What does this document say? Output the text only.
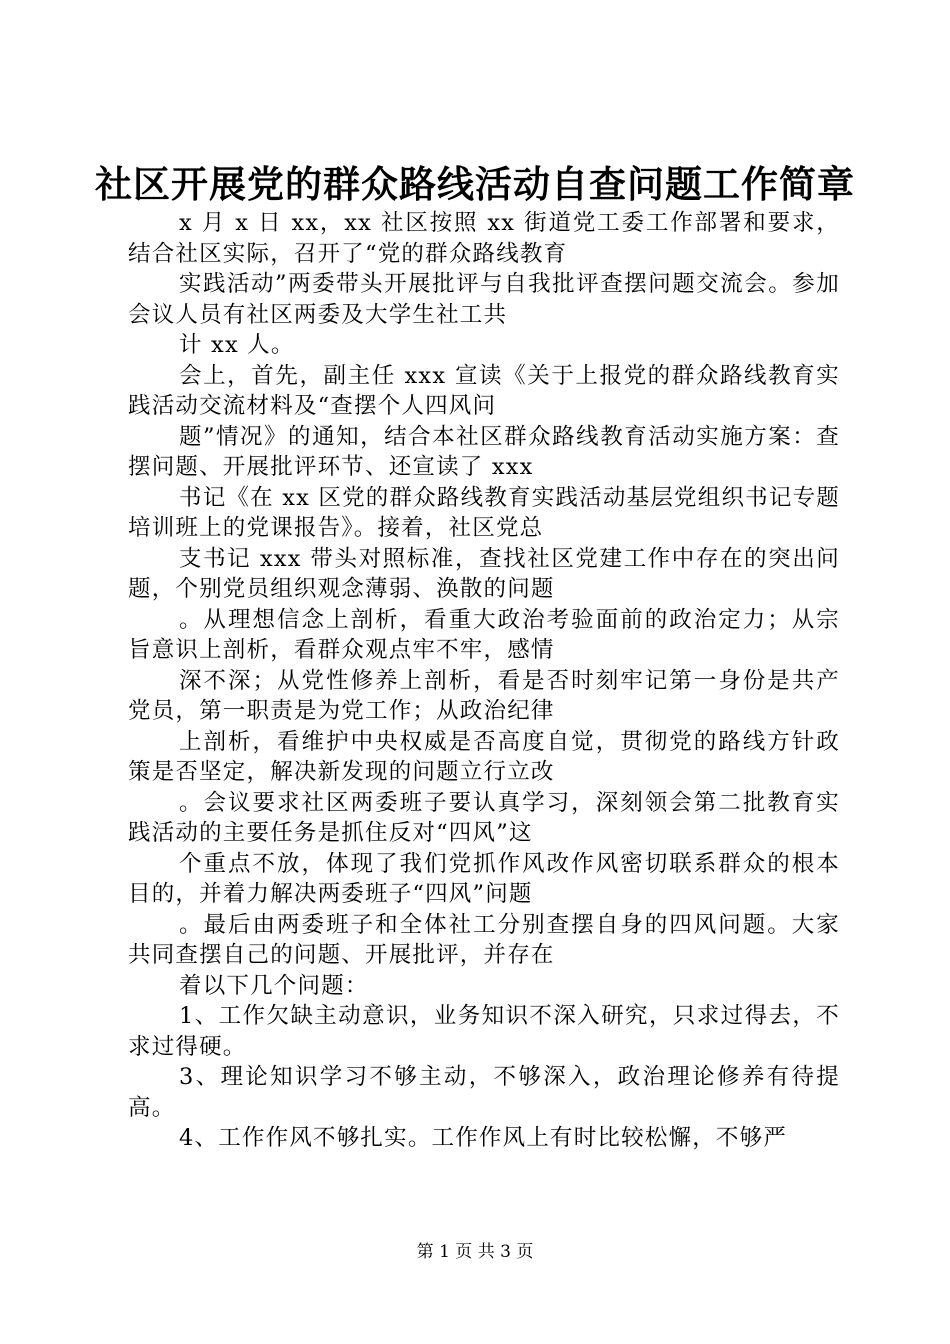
社区开展党的群众路线活动自查问题工作简章

x 月 x 日 xx，xx 社区按照 xx 街道党工委工作部署和要求，结合社区实际，召开了“党的群众路线教育

实践活动”两委带头开展批评与自我批评查摆问题交流会。参加会议人员有社区两委及大学生社工共

计 xx 人。

会上，首先，副主任 xxx 宣读《关于上报党的群众路线教育实践活动交流材料及“查摆个人四风问

题”情况》的通知，结合本社区群众路线教育活动实施方案：查摆问题、开展批评环节、还宣读了 xxx

书记《在 xx 区党的群众路线教育实践活动基层党组织书记专题培训班上的党课报告》。接着，社区党总

支书记 xxx 带头对照标准，查找社区党建工作中存在的突出问题，个别党员组织观念薄弱、涣散的问题

。从理想信念上剖析，看重大政治考验面前的政治定力；从宗旨意识上剖析，看群众观点牢不牢，感情

深不深；从党性修养上剖析，看是否时刻牢记第一身份是共产党员，第一职责是为党工作；从政治纪律

上剖析，看维护中央权威是否高度自觉，贯彻党的路线方针政策是否坚定，解决新发现的问题立行立改

。会议要求社区两委班子要认真学习，深刻领会第二批教育实践活动的主要任务是抓住反对“四风”这

个重点不放，体现了我们党抓作风改作风密切联系群众的根本目的，并着力解决两委班子“四风”问题

。最后由两委班子和全体社工分别查摆自身的四风问题。大家共同查摆自己的问题、开展批评，并存在

着以下几个问题：

1、工作欠缺主动意识，业务知识不深入研究，只求过得去，不求过得硬。

3、理论知识学习不够主动，不够深入，政治理论修养有待提高。

4、工作作风不够扎实。工作作风上有时比较松懈，不够严

第 1 页 共 3 页
